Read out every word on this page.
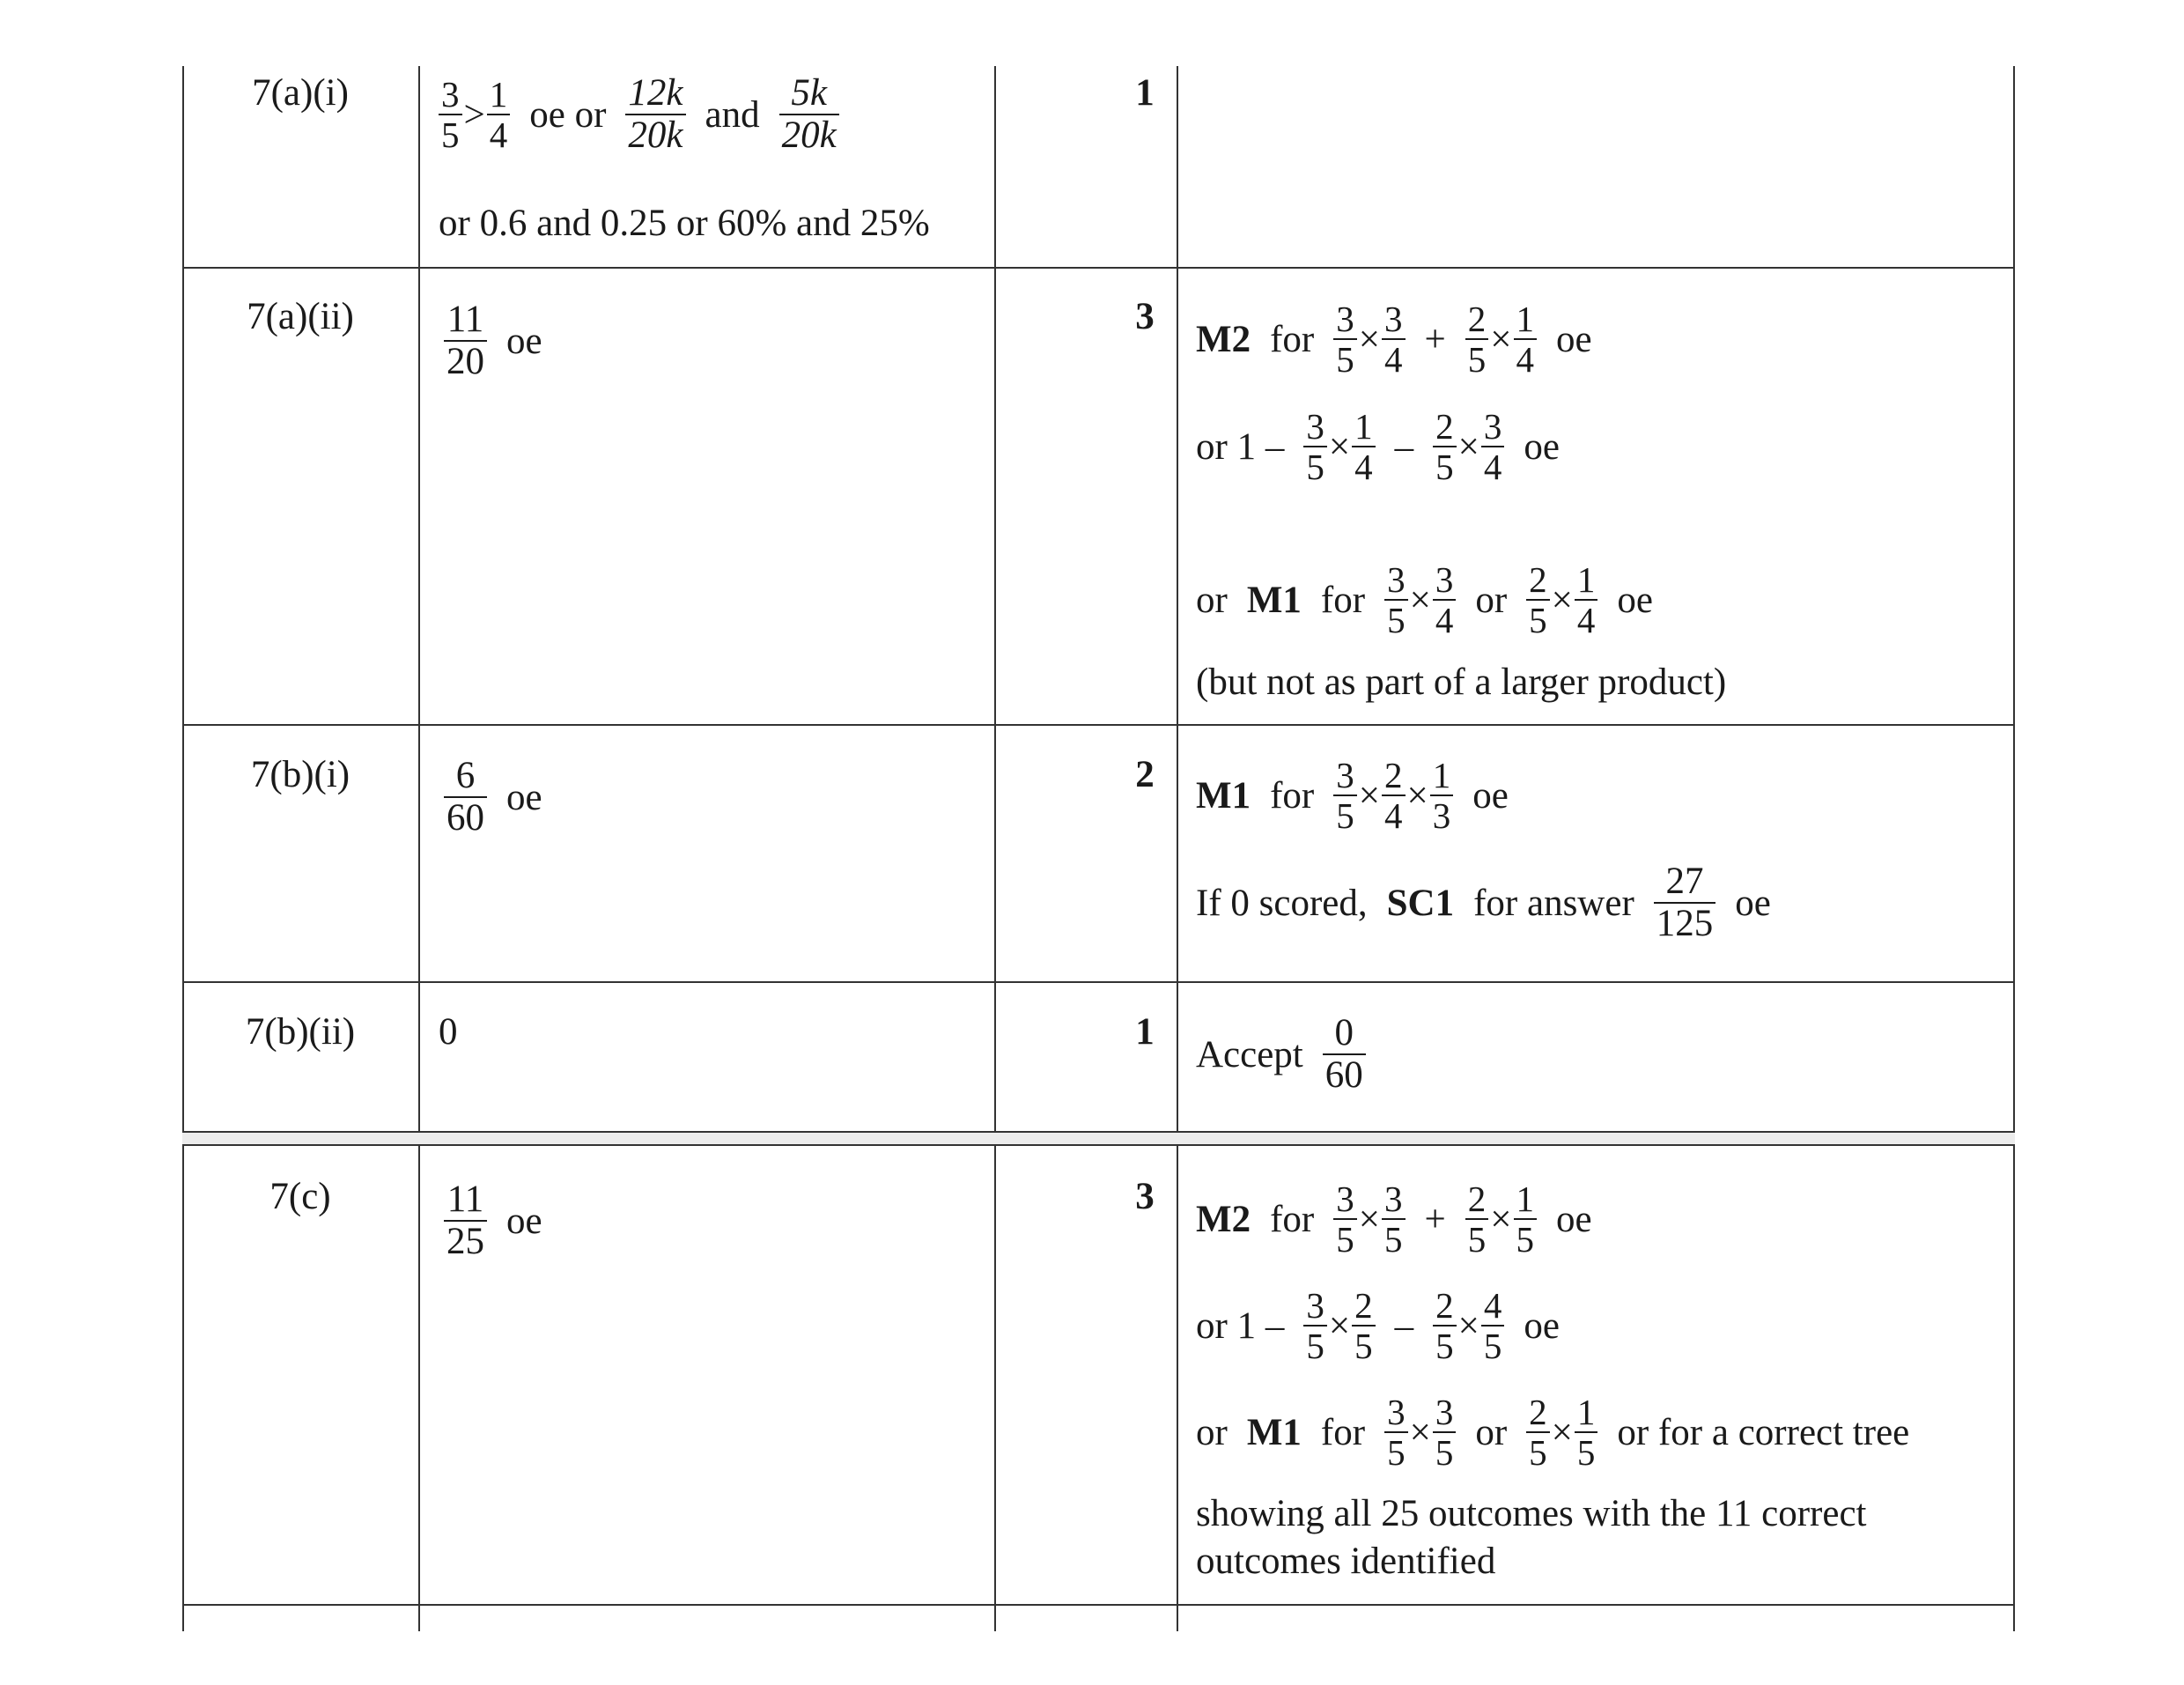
$7(a)(i) \frac{3}{5} > \frac{1}{4}$ oe or $\frac{12k}{20k}$ and $\frac{5k}{20k}$
or 0.6 and 0.25 or 60% and 25%
1
$7(a)(ii) \frac{11}{20}$ oe
3
M2 for $\frac{3}{5} \times \frac{3}{4} + \frac{2}{5} \times \frac{1}{4}$ oe
or $1 - \frac{3}{5} \times \frac{1}{4} - \frac{2}{5} \times \frac{3}{4}$ oe
or M1 for $\frac{3}{5} \times \frac{3}{4}$ or $\frac{2}{5} \times \frac{1}{4}$ oe
(but not as part of a larger product)
$7(b)(i) \frac{6}{60}$ oe
2
M1 for $\frac{3}{5} \times \frac{2}{4} \times \frac{1}{3}$ oe
If 0 scored, SC1 for answer $\frac{27}{125}$ oe
7(b)(ii) 0	1
Accept $\frac{0}{60}$
7(c)	$\frac{11}{25}$ oe
3
M2 for $\frac{3}{5} \times \frac{3}{5} + \frac{2}{5} \times \frac{1}{5}$ oe
or $1 - \frac{3}{5} \times \frac{2}{5} - \frac{2}{5} \times \frac{4}{5}$ oe
or M1 for $\frac{3}{5} \times \frac{3}{5}$ or $\frac{2}{5} \times \frac{1}{5}$ or for a correct tree
showing all 25 outcomes with the 11 correct
outcomes identified
